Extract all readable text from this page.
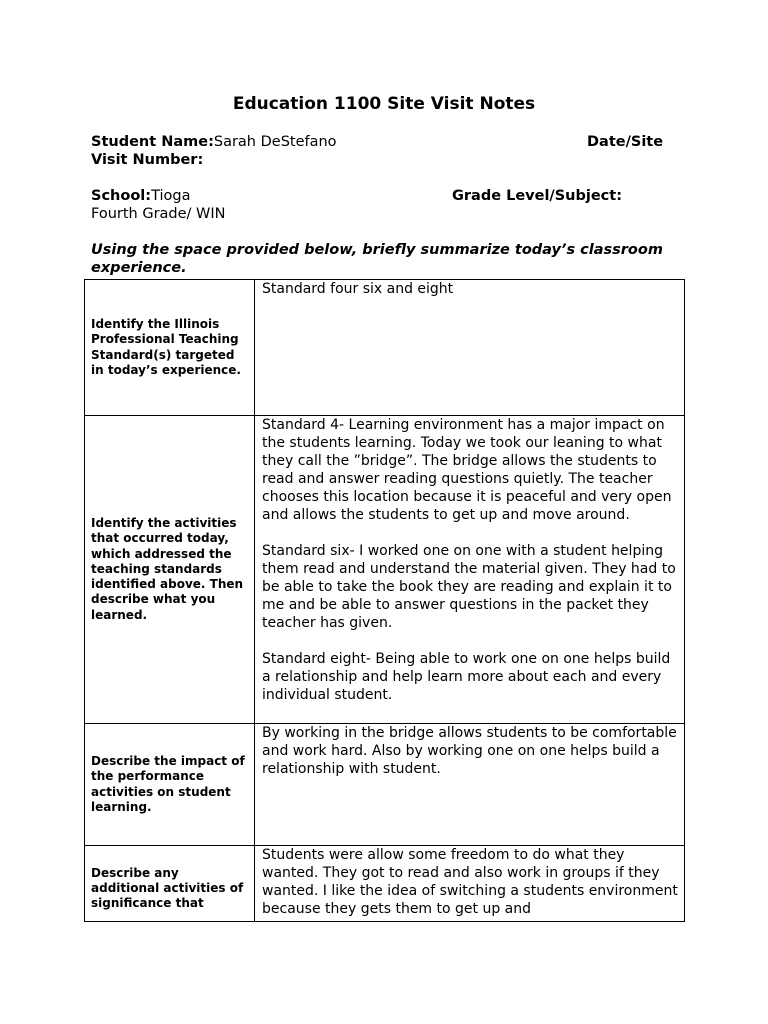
Education 1100 Site Visit Notes
Student Name:Sarah DeStefano	Date/Site
Visit Number:
School:Tioga	Grade Level/Subject:
Fourth Grade/ WIN
Using the space provided below, briefly summarize today’s classroom experience.
Identify the Illinois Professional Teaching Standard(s) targeted in today’s experience.	Standard four six and eight

Identify the activities that occurred today, which addressed the teaching standards identified above. Then describe what you learned.	Standard 4- Learning environment has a major impact on the students learning. Today we took our leaning to what they call the ”bridge”. The bridge allows the students to read and answer reading questions quietly. The teacher chooses this location because it is peaceful and very open and allows the students to get up and move around.

Standard six- I worked one on one with a student helping them read and understand the material given. They had to be able to take the book they are reading and explain it to me and be able to answer questions in the packet they teacher has given.

Standard eight- Being able to work one on one helps build a relationship and help learn more about each and every individual student.

Describe the impact of the performance activities on student learning.	By working in the bridge allows students to be comfortable and work hard. Also by working one on one helps build a relationship with student.

Describe any additional activities of significance that	Students were allow some freedom to do what they wanted. They got to read and also work in groups if they wanted. I like the idea of switching a students environment because they gets them to get up and
